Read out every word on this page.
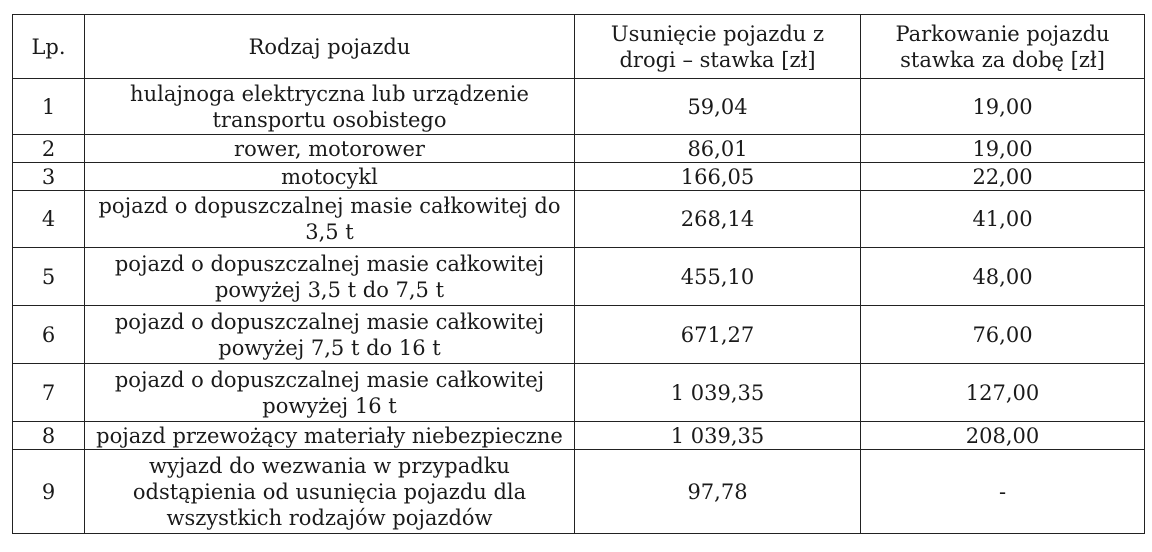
Lp.	Rodzaj pojazdu	Usunięcie pojazdu z drogi – stawka [zł]	Parkowanie pojazdu stawka za dobę [zł]
1	hulajnoga elektryczna lub urządzenie transportu osobistego	59,04	19,00
2	rower, motorower	86,01	19,00
3	motocykl	166,05	22,00
4	pojazd o dopuszczalnej masie całkowitej do 3,5 t	268,14	41,00
5	pojazd o dopuszczalnej masie całkowitej powyżej 3,5 t do 7,5 t	455,10	48,00
6	pojazd o dopuszczalnej masie całkowitej powyżej 7,5 t do 16 t	671,27	76,00
7	pojazd o dopuszczalnej masie całkowitej powyżej 16 t	1 039,35	127,00
8	pojazd przewożący materiały niebezpieczne	1 039,35	208,00
9	wyjazd do wezwania w przypadku odstąpienia od usunięcia pojazdu dla wszystkich rodzajów pojazdów	97,78	-
